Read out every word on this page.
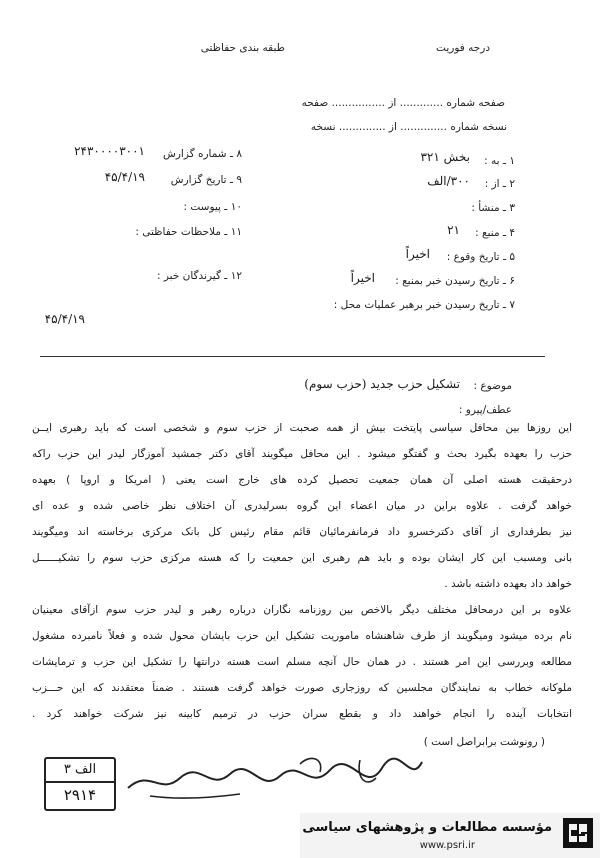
درجه فوریت
طبقه بندی حفاظتی
صفحه شماره ............. از ................ صفحه
نسخه شماره .............. از .............. نسخه
۱ ـ به :
بخش ۳۲۱
۲ ـ از :
۳۰۰/الف
۳ ـ منشأ :
۴ ـ منبع :
۲۱
۵ ـ تاریخ وقوع :
اخیراً
۶ ـ تاریخ رسیدن خبر بمنبع :
اخیراً
۷ ـ تاریخ رسیدن خبر برهبر عملیات محل :
۸ ـ شماره گزارش
۲۴۳۰۰۰۰۳۰۰۱
۹ ـ تاریخ گزارش
۴۵/۴/۱۹
۱۰ ـ پیوست :
۱۱ ـ ملاحظات حفاظتی :
۱۲ ـ گیرندگان خبر :
۴۵/۴/۱۹
موضوع :
تشکیل حزب جدید (حزب سوم)
عطف/پیرو :
این روزها بین محافل سیاسی پایتخت بیش از همه صحبت از حزب سوم و شخصی است که باید رهبری ایــن
حزب را بعهده بگیرد بحث و گفتگو میشود . این محافل میگویند آقای دکتر جمشید آموزگار لیدر این حزب راکه
درحقیقت هسته اصلی آن همان جمعیت تحصیل کرده های خارج است یعنی ( امریکا و اروپا ) بعهده
خواهد گرفت . علاوه براین در میان اعضاء این گروه بسرلیدری آن اختلاف نظر خاصی شده و عده ای
نیز بطرفداری از آقای دکترخسرو داد فرمانفرمائیان قائم مقام رئیس کل بانک مرکزی برخاسته اند ومیگویند
بانی ومسبب این کار ایشان بوده و باید هم رهبری این جمعیت را که هسته مرکزی حزب سوم را تشکیــــــل
خواهد داد بعهده داشته باشد .
علاوه بر این درمحافل مختلف دیگر بالاخص بین روزنامه نگاران درباره رهبر و لیدر حزب سوم ازآقای معینیان
نام برده میشود ومیگویند از طرف شاهنشاه ماموریت تشکیل این حزب بایشان محول شده و فعلاً نامبرده مشغول
مطالعه وبررسی این امر هستند . در همان حال آنچه مسلم است هسته درانتها را تشکیل این حزب و ترمایشات
ملوکانه خطاب به نمایندگان مجلسین که روزجاری صورت خواهد گرفت هستند . ضمناً معتقدند که این حـــزب
انتخابات آینده را انجام خواهند داد و بقطع سران حزب در ترمیم کابینه نیز شرکت خواهند کرد .
( رونوشت برابراصل است )
الف ۳
۲۹۱۴
مؤسسه مطالعات و پژوهشهای سیاسی
www.psri.ir
